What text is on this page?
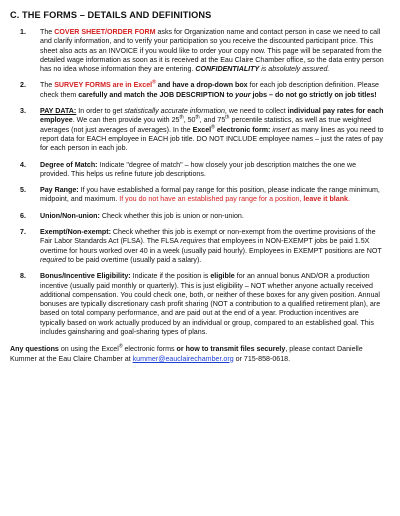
C. THE FORMS – DETAILS AND DEFINITIONS
1.	The COVER SHEET/ORDER FORM asks for Organization name and contact person in case we need to call and clarify information, and to verify your participation so you receive the discounted participant price. This sheet also acts as an INVOICE if you would like to order your copy now. This page will be separated from the detailed wage information as soon as it is received at the Eau Claire Chamber office, so the data entry person has no idea whose information they are entering. CONFIDENTIALITY is absolutely assured.
2.	The SURVEY FORMS are in Excel® and have a drop-down box for each job description definition. Please check them carefully and match the JOB DESCRIPTION to your jobs – do not go strictly on job titles!
3.	PAY DATA: In order to get statistically accurate information, we need to collect individual pay rates for each employee. We can then provide you with 25th, 50th, and 75th percentile statistics, as well as true weighted averages (not just averages of averages). In the Excel® electronic form: insert as many lines as you need to report data for EACH employee in EACH job title. DO NOT INCLUDE employee names – just the rates of pay for each person in each job.
4.	Degree of Match: Indicate "degree of match" – how closely your job description matches the one we provided. This helps us refine future job descriptions.
5.	Pay Range: If you have established a formal pay range for this position, please indicate the range minimum, midpoint, and maximum. If you do not have an established pay range for a position, leave it blank.
6.	Union/Non-union: Check whether this job is union or non-union.
7.	Exempt/Non-exempt: Check whether this job is exempt or non-exempt from the overtime provisions of the Fair Labor Standards Act (FLSA). The FLSA requires that employees in NON-EXEMPT jobs be paid 1.5X overtime for hours worked over 40 in a week (usually paid hourly). Employees in EXEMPT positions are NOT required to be paid overtime (usually paid a salary).
8.	Bonus/Incentive Eligibility: Indicate if the position is eligible for an annual bonus AND/OR a production incentive (usually paid monthly or quarterly). This is just eligibility – NOT whether anyone actually received additional compensation. You could check one, both, or neither of these boxes for any given position. Annual bonuses are typically discretionary cash profit sharing (NOT a contribution to a qualified retirement plan), are based on total company performance, and are paid out at the end of a year. Production incentives are typically based on work actually produced by an individual or group, compared to an established goal. This includes gainsharing and goal-sharing types of plans.
Any questions on using the Excel® electronic forms or how to transmit files securely, please contact Danielle Kummer at the Eau Claire Chamber at kummer@eauclairechamber.org or 715-858-0618.
